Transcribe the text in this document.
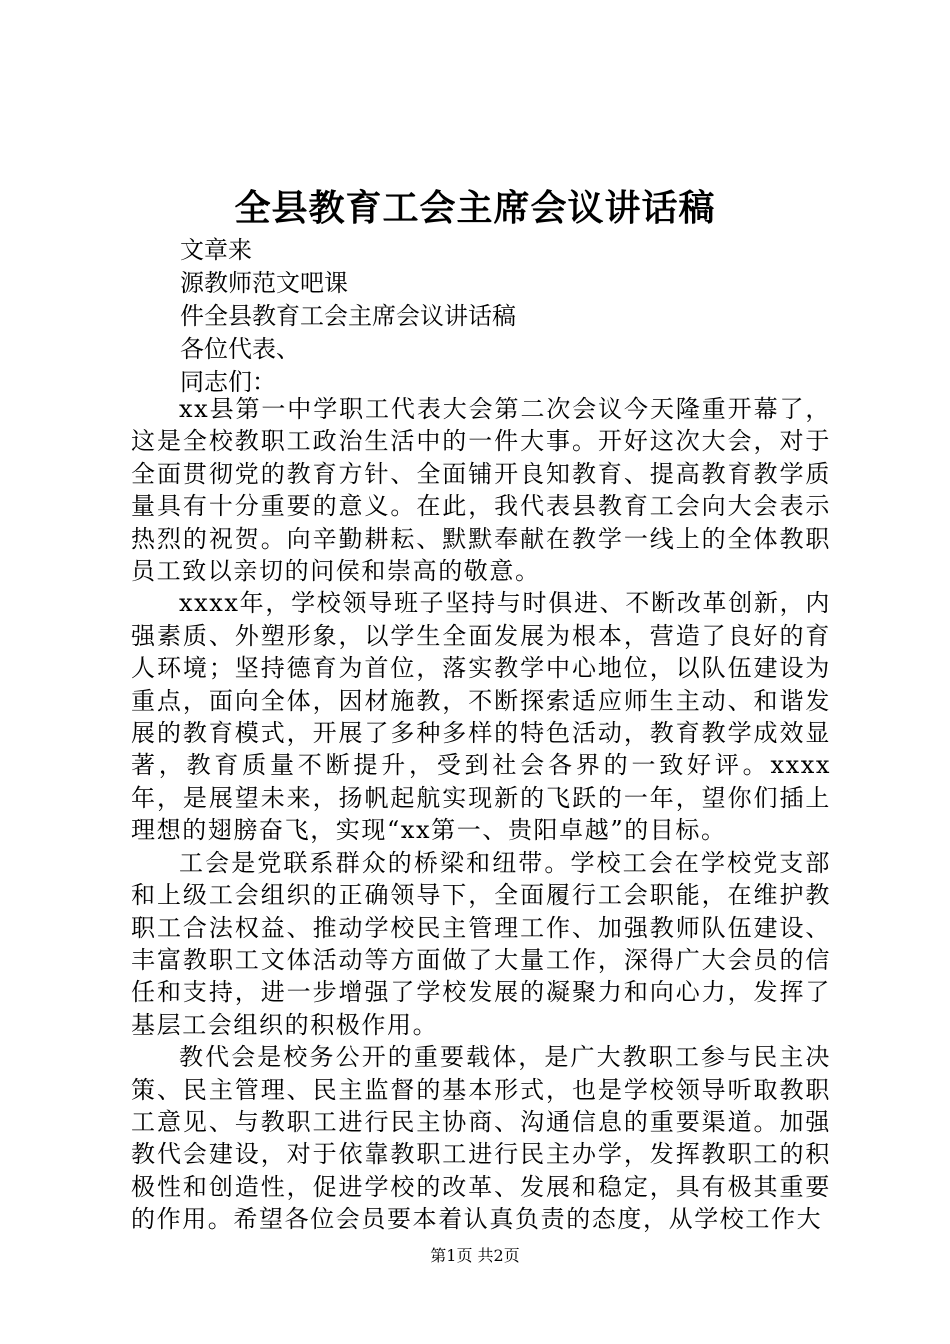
全县教育工会主席会议讲话稿
文章来
源教师范文吧课
件全县教育工会主席会议讲话稿
各位代表、
同志们：

xx县第一中学职工代表大会第二次会议今天隆重开幕了，这是全校教职工政治生活中的一件大事。开好这次大会，对于全面贯彻党的教育方针、全面铺开良知教育、提高教育教学质量具有十分重要的意义。在此，我代表县教育工会向大会表示热烈的祝贺。向辛勤耕耘、默默奉献在教学一线上的全体教职员工致以亲切的问侯和崇高的敬意。

xxxx年，学校领导班子坚持与时俱进、不断改革创新，内强素质、外塑形象，以学生全面发展为根本，营造了良好的育人环境；坚持德育为首位，落实教学中心地位，以队伍建设为重点，面向全体，因材施教，不断探索适应师生主动、和谐发展的教育模式，开展了多种多样的特色活动，教育教学成效显著，教育质量不断提升，受到社会各界的一致好评。xxxx年，是展望未来，扬帆起航实现新的飞跃的一年，望你们插上理想的翅膀奋飞，实现“xx第一、贵阳卓越”的目标。

工会是党联系群众的桥梁和纽带。学校工会在学校党支部和上级工会组织的正确领导下，全面履行工会职能，在维护教职工合法权益、推动学校民主管理工作、加强教师队伍建设、丰富教职工文体活动等方面做了大量工作，深得广大会员的信任和支持，进一步增强了学校发展的凝聚力和向心力，发挥了基层工会组织的积极作用。

教代会是校务公开的重要载体，是广大教职工参与民主决策、民主管理、民主监督的基本形式，也是学校领导听取教职工意见、与教职工进行民主协商、沟通信息的重要渠道。加强教代会建设，对于依靠教职工进行民主办学，发挥教职工的积极性和创造性，促进学校的改革、发展和稳定，具有极其重要的作用。希望各位会员要本着认真负责的态度，从学校工作大

第1页 共2页
